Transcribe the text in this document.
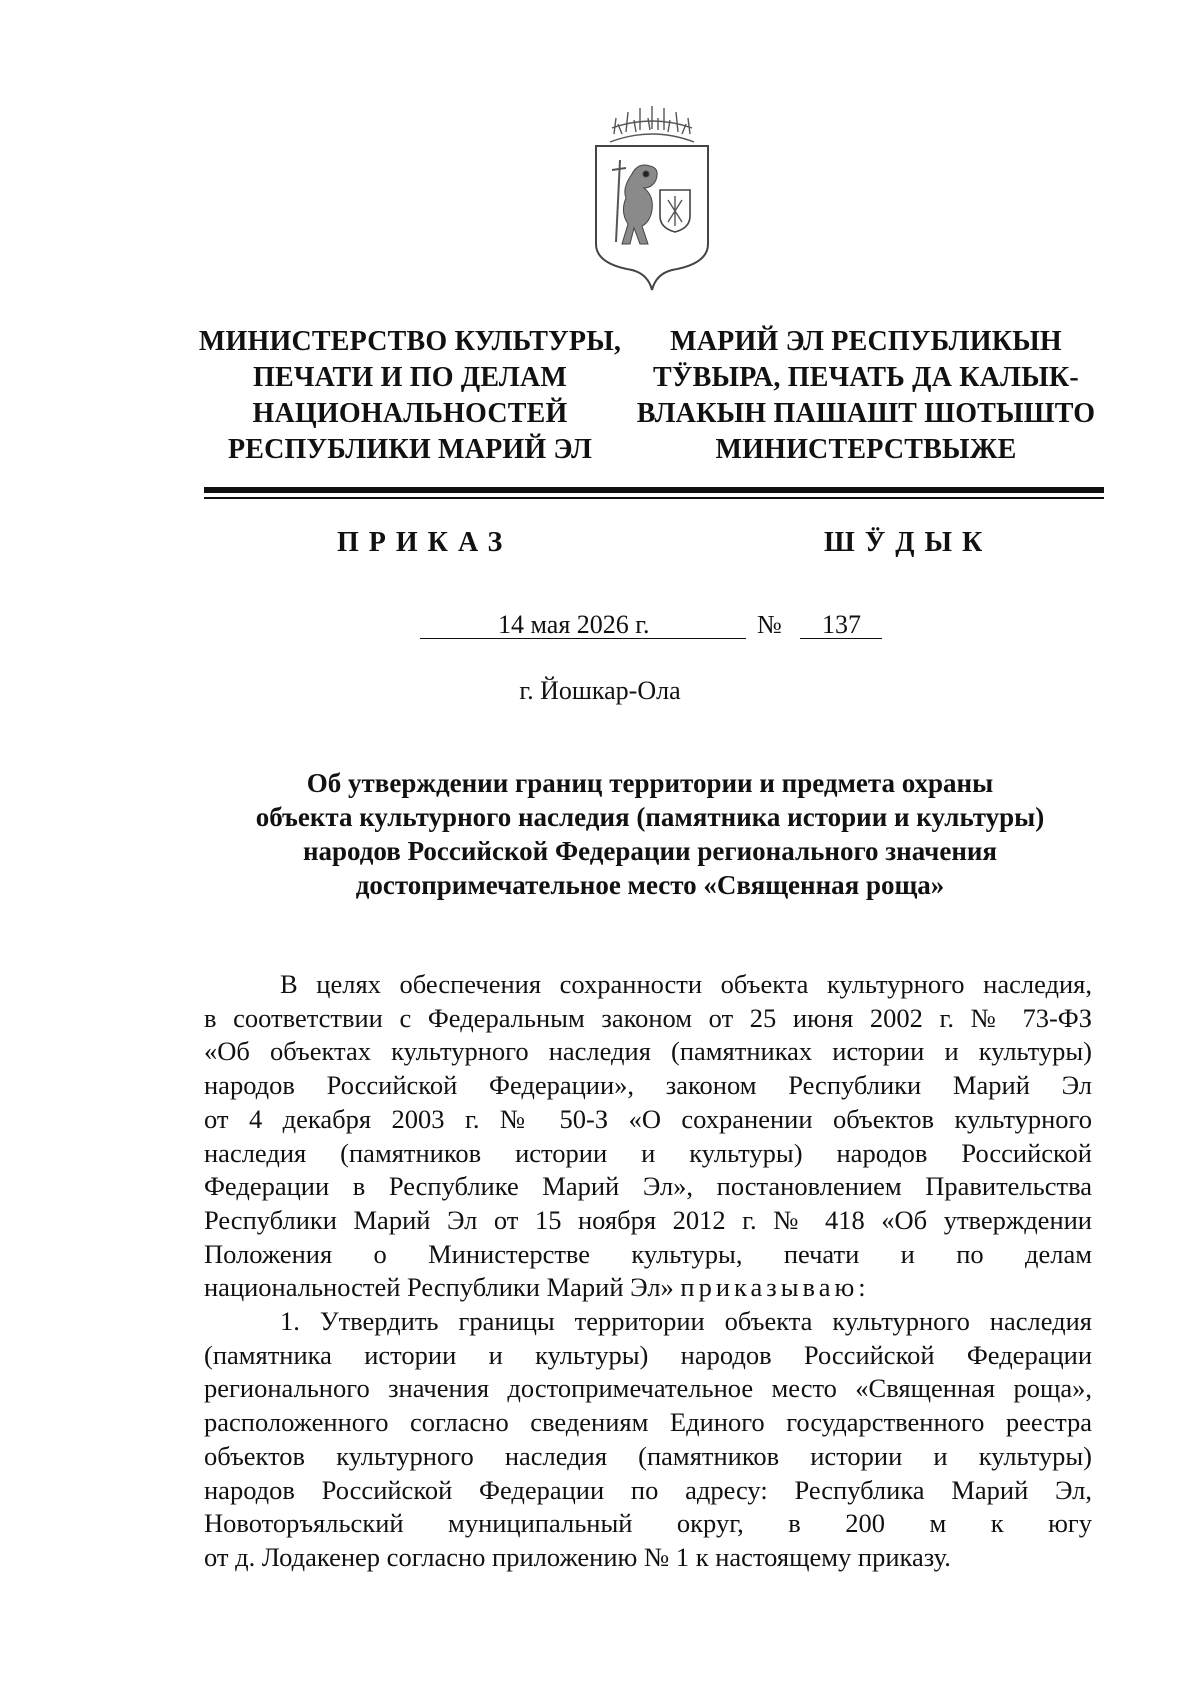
МИНИСТЕРСТВО КУЛЬТУРЫ,
ПЕЧАТИ И ПО ДЕЛАМ
НАЦИОНАЛЬНОСТЕЙ
РЕСПУБЛИКИ МАРИЙ ЭЛ
МАРИЙ ЭЛ РЕСПУБЛИКЫН
ТӰВЫРА, ПЕЧАТЬ ДА КАЛЫК-
ВЛАКЫН ПАШАШТ ШОТЫШТО
МИНИСТЕРСТВЫЖЕ
ПРИКАЗ	ШӰДЫК
14 мая 2026 г.	№ 137
г. Йошкар-Ола
Об утверждении границ территории и предмета охраны
объекта культурного наследия (памятника истории и культуры)
народов Российской Федерации регионального значения
достопримечательное место «Священная роща»
В целях обеспечения сохранности объекта культурного наследия,
в соответствии с Федеральным законом от 25 июня 2002 г. № 73-ФЗ
«Об объектах культурного наследия (памятниках истории и культуры)
народов Российской Федерации», законом Республики Марий Эл
от 4 декабря 2003 г. № 50-З «О сохранении объектов культурного
наследия (памятников истории и культуры) народов Российской
Федерации в Республике Марий Эл», постановлением Правительства
Республики Марий Эл от 15 ноября 2012 г. № 418 «Об утверждении
Положения о Министерстве культуры, печати и по делам
национальностей Республики Марий Эл» приказываю:
1. Утвердить границы территории объекта культурного наследия
(памятника истории и культуры) народов Российской Федерации
регионального значения достопримечательное место «Священная роща»,
расположенного согласно сведениям Единого государственного реестра
объектов культурного наследия (памятников истории и культуры)
народов Российской Федерации по адресу: Республика Марий Эл,
Новоторъяльский муниципальный округ, в 200 м к югу
от д. Лодакенер согласно приложению № 1 к настоящему приказу.
